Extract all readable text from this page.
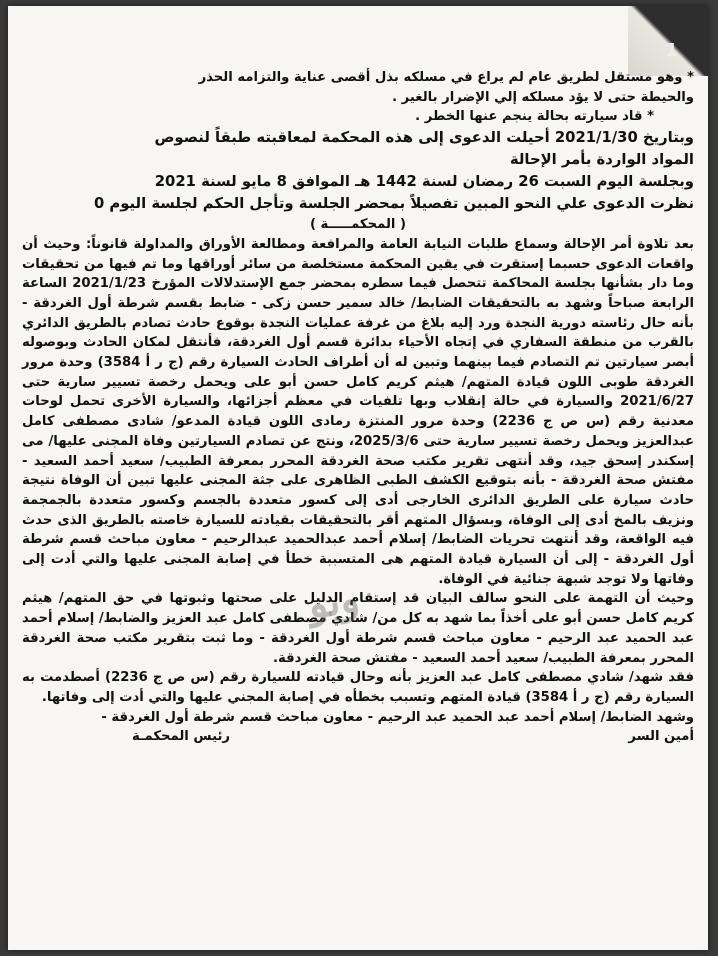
1

* وهو مستقل لطريق عام لم يراع في مسلكه بذل أقصى عناية والتزامه الحذر

والحيطة حتى لا يؤد مسلكه إلي الإضرار بالغير .

* قاد سيارته بحالة ينجم عنها الخطر .

وبتاريخ 2021/1/30 أحيلت الدعوى إلى هذه المحكمة لمعاقبته طبقاً لنصوص

المواد الواردة بأمر الإحالة

وبجلسة اليوم السبت 26 رمضان لسنة 1442 هـ الموافق 8 مايو لسنة 2021

نظرت الدعوى علي النحو المبين تفصيلاً بمحضر الجلسة وتأجل الحكم لجلسة اليوم 0

( المحكمـــــة )

بعد تلاوة أمر الإحالة وسماع طلبات النيابة العامة والمرافعة ومطالعة الأوراق والمداولة قانوناً: وحيث أن واقعات الدعوى حسبما إستقرت في يقين المحكمة مستخلصة من سائر أوراقها وما تم فيها من تحقيقات وما دار بشأنها بجلسة المحاكمة تتحصل فيما سطره بمحضر جمع الإستدلالات المؤرخ 2021/1/23 الساعة الرابعة صباحاً وشهد به بالتحقيقات الضابط/ خالد سمير حسن زكى - ضابط بقسم شرطة أول الغردقة - بأنه حال رئاسته دورية النجدة ورد إليه بلاغ من غرفة عمليات النجدة بوقوع حادث تصادم بالطريق الدائري بالقرب من منطقة السفاري في إتجاه الأحياء بدائرة قسم أول الغردقة، فأنتقل لمكان الحادث وبوصوله أبصر سيارتين تم التصادم فيما بينهما وتبين له أن أطراف الحادث السيارة رقم (ج ر أ 3584) وحدة مرور الغردقة طوبى اللون قيادة المتهم/ هيثم كريم كامل حسن أبو على ويحمل رخصة تسيير سارية حتى 2021/6/27 والسيارة في حالة إنقلاب وبها تلفيات في معظم أجزائها، والسيارة الأخرى تحمل لوحات معدنية رقم (س ص ج 2236) وحدة مرور المنتزة رمادى اللون قيادة المدعو/ شادى مصطفى كامل عبدالعزيز ويحمل رخصة تسيير سارية حتى 2025/3/6، ونتج عن تصادم السيارتين وفاة المجنى عليها/ مى إسكندر إسحق جيد، وقد أنتهى تقرير مكتب صحة الغردقة المحرر بمعرفة الطبيب/ سعيد أحمد السعيد - مفتش صحة الغردقة - بأنه بتوقيع الكشف الطبى الظاهرى على جثة المجنى عليها تبين أن الوفاة نتيجة حادث سيارة على الطريق الدائرى الخارجى أدى إلى كسور متعددة بالجسم وكسور متعددة بالجمجمة ونزيف بالمخ أدى إلى الوفاة، وبسؤال المتهم أقر بالتحقيقات بقيادته للسيارة خاصته بالطريق الذى حدث فيه الواقعة، وقد أنتهت تحريات الضابط/ إسلام أحمد عبدالحميد عبدالرحيم - معاون مباحث قسم شرطة أول الغردقة - إلى أن السيارة قيادة المتهم هى المتسببة خطأ في إصابة المجنى عليها والتي أدت إلى وفاتها ولا توجد شبهة جنائية في الوفاة.

وحيث أن التهمة على النحو سالف البيان قد إستقام الدليل على صحتها وثبوتها في حق المتهم/ هيثم كريم كامل حسن أبو على أخذاً بما شهد به كل من/ شادي مصطفى كامل عبد العزيز والضابط/ إسلام أحمد عبد الحميد عبد الرحيم - معاون مباحث قسم شرطة أول الغردقة - وما ثبت بتقرير مكتب صحة الغردقة المحرر بمعرفة الطبيب/ سعيد أحمد السعيد - مفتش صحة الغردقة.

فقد شهد/ شادي مصطفى كامل عبد العزيز بأنه وحال قيادته للسيارة رقم (س ص ج 2236) أصطدمت به السيارة رقم (ج ر أ 3584) قيادة المتهم وتسبب بخطأه في إصابة المجني عليها والتي أدت إلى وفاتها.

وشهد الضابط/ إسلام أحمد عبد الحميد عبد الرحيم - معاون مباحث قسم شرطة أول الغردقة -

أمين السر
رئيس المحكمـة
وبو
